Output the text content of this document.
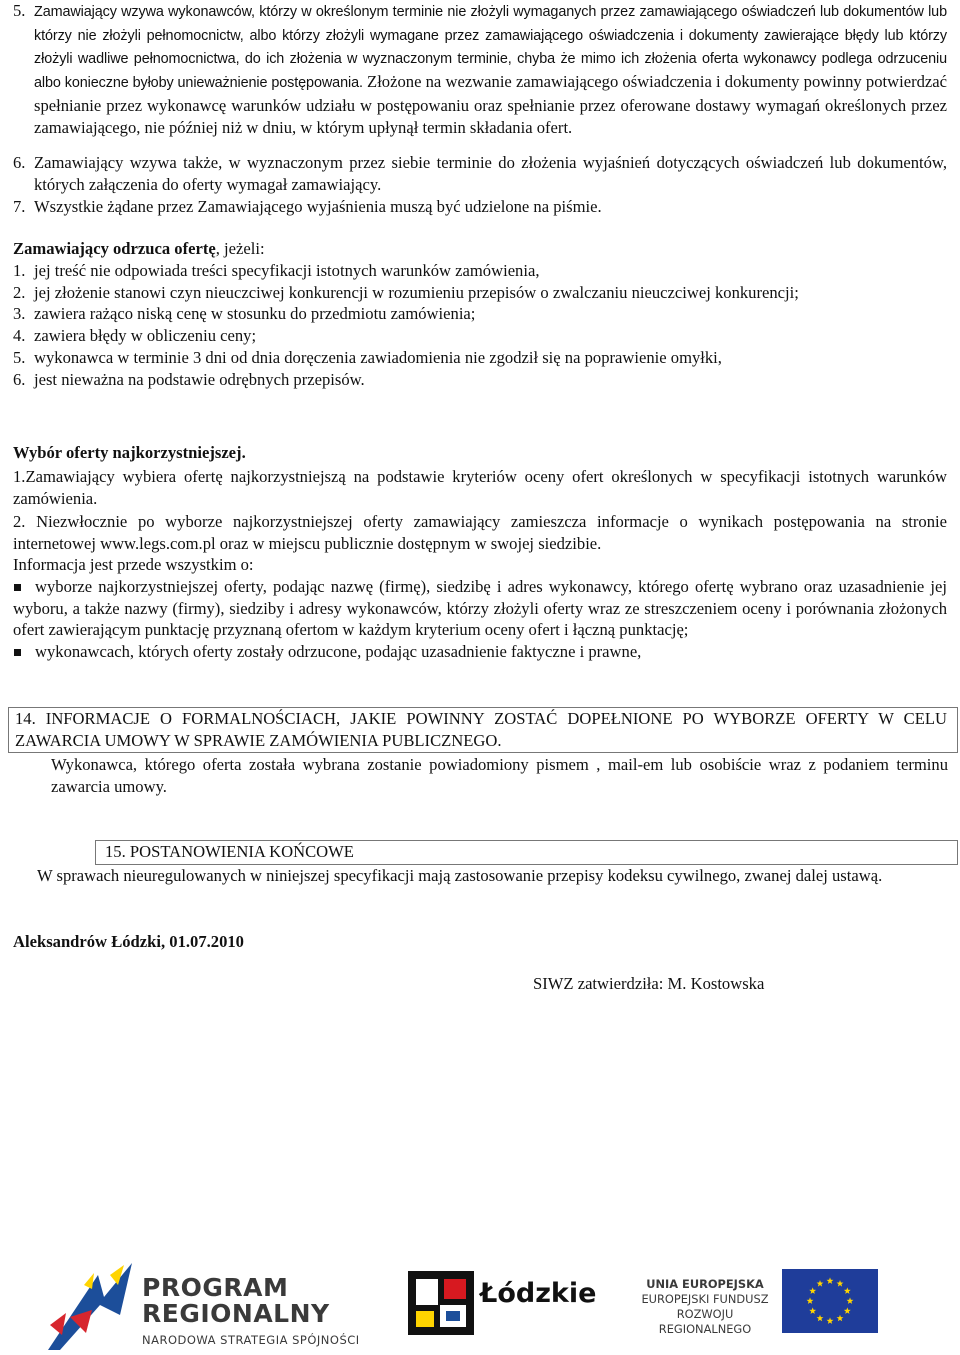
5. Zamawiający wzywa wykonawców, którzy w określonym terminie nie złożyli wymaganych przez zamawiającego oświadczeń lub dokumentów lub którzy nie złożyli pełnomocnictw, albo którzy złożyli wymagane przez zamawiającego oświadczenia i dokumenty zawierające błędy lub którzy złożyli wadliwe pełnomocnictwa, do ich złożenia w wyznaczonym terminie, chyba że mimo ich złożenia oferta wykonawcy podlega odrzuceniu albo konieczne byłoby unieważnienie postępowania. Złożone na wezwanie zamawiającego oświadczenia i dokumenty powinny potwierdzać spełnianie przez wykonawcę warunków udziału w postępowaniu oraz spełnianie przez oferowane dostawy wymagań określonych przez zamawiającego, nie później niż w dniu, w którym upłynął termin składania ofert.
6. Zamawiający wzywa także, w wyznaczonym przez siebie terminie do złożenia wyjaśnień dotyczących oświadczeń lub dokumentów, których załączenia do oferty wymagał zamawiający.
7. Wszystkie żądane przez Zamawiającego wyjaśnienia muszą być udzielone na piśmie.
Zamawiający odrzuca ofertę, jeżeli:
1. jej treść nie odpowiada treści specyfikacji istotnych warunków zamówienia,
2. jej złożenie stanowi czyn nieuczciwej konkurencji w rozumieniu przepisów o zwalczaniu nieuczciwej konkurencji;
3. zawiera rażąco niską cenę w stosunku do przedmiotu zamówienia;
4. zawiera błędy w obliczeniu ceny;
5. wykonawca w terminie 3 dni od dnia doręczenia zawiadomienia nie zgodził się na poprawienie omyłki,
6. jest nieważna na podstawie odrębnych przepisów.
Wybór oferty najkorzystniejszej.
1.Zamawiający wybiera ofertę najkorzystniejszą na podstawie kryteriów oceny ofert określonych w specyfikacji istotnych warunków zamówienia.
2. Niezwłocznie po wyborze najkorzystniejszej oferty zamawiający zamieszcza informacje o wynikach postępowania na stronie internetowej www.legs.com.pl oraz w miejscu publicznie dostępnym w swojej siedzibie.
Informacja jest przede wszystkim o:
wyborze najkorzystniejszej oferty, podając nazwę (firmę), siedzibę i adres wykonawcy, którego ofertę wybrano oraz uzasadnienie jej wyboru, a także nazwy (firmy), siedziby i adresy wykonawców, którzy złożyli oferty wraz ze streszczeniem oceny i porównania złożonych ofert zawierającym punktację przyznaną ofertom w każdym kryterium oceny ofert i łączną punktację;
wykonawcach, których oferty zostały odrzucone, podając uzasadnienie faktyczne i prawne,
14. INFORMACJE O FORMALNOŚCIACH, JAKIE POWINNY ZOSTAĆ DOPEŁNIONE PO WYBORZE OFERTY W CELU ZAWARCIA UMOWY W SPRAWIE ZAMÓWIENIA PUBLICZNEGO.
Wykonawca, którego oferta została wybrana zostanie powiadomiony pismem , mail-em lub osobiście wraz z podaniem terminu zawarcia umowy.
15. POSTANOWIENIA KOŃCOWE
W sprawach nieuregulowanych w niniejszej specyfikacji mają zastosowanie przepisy kodeksu cywilnego, zwanej dalej ustawą.
Aleksandrów Łódzki, 01.07.2010
SIWZ zatwierdziła: M. Kostowska
PROGRAM
REGIONALNY
NARODOWA STRATEGIA SPÓJNOŚCI
Łódzkie	UNIA EUROPEJSKA
EUROPEJSKI FUNDUSZ
ROZWOJU REGIONALNEGO
